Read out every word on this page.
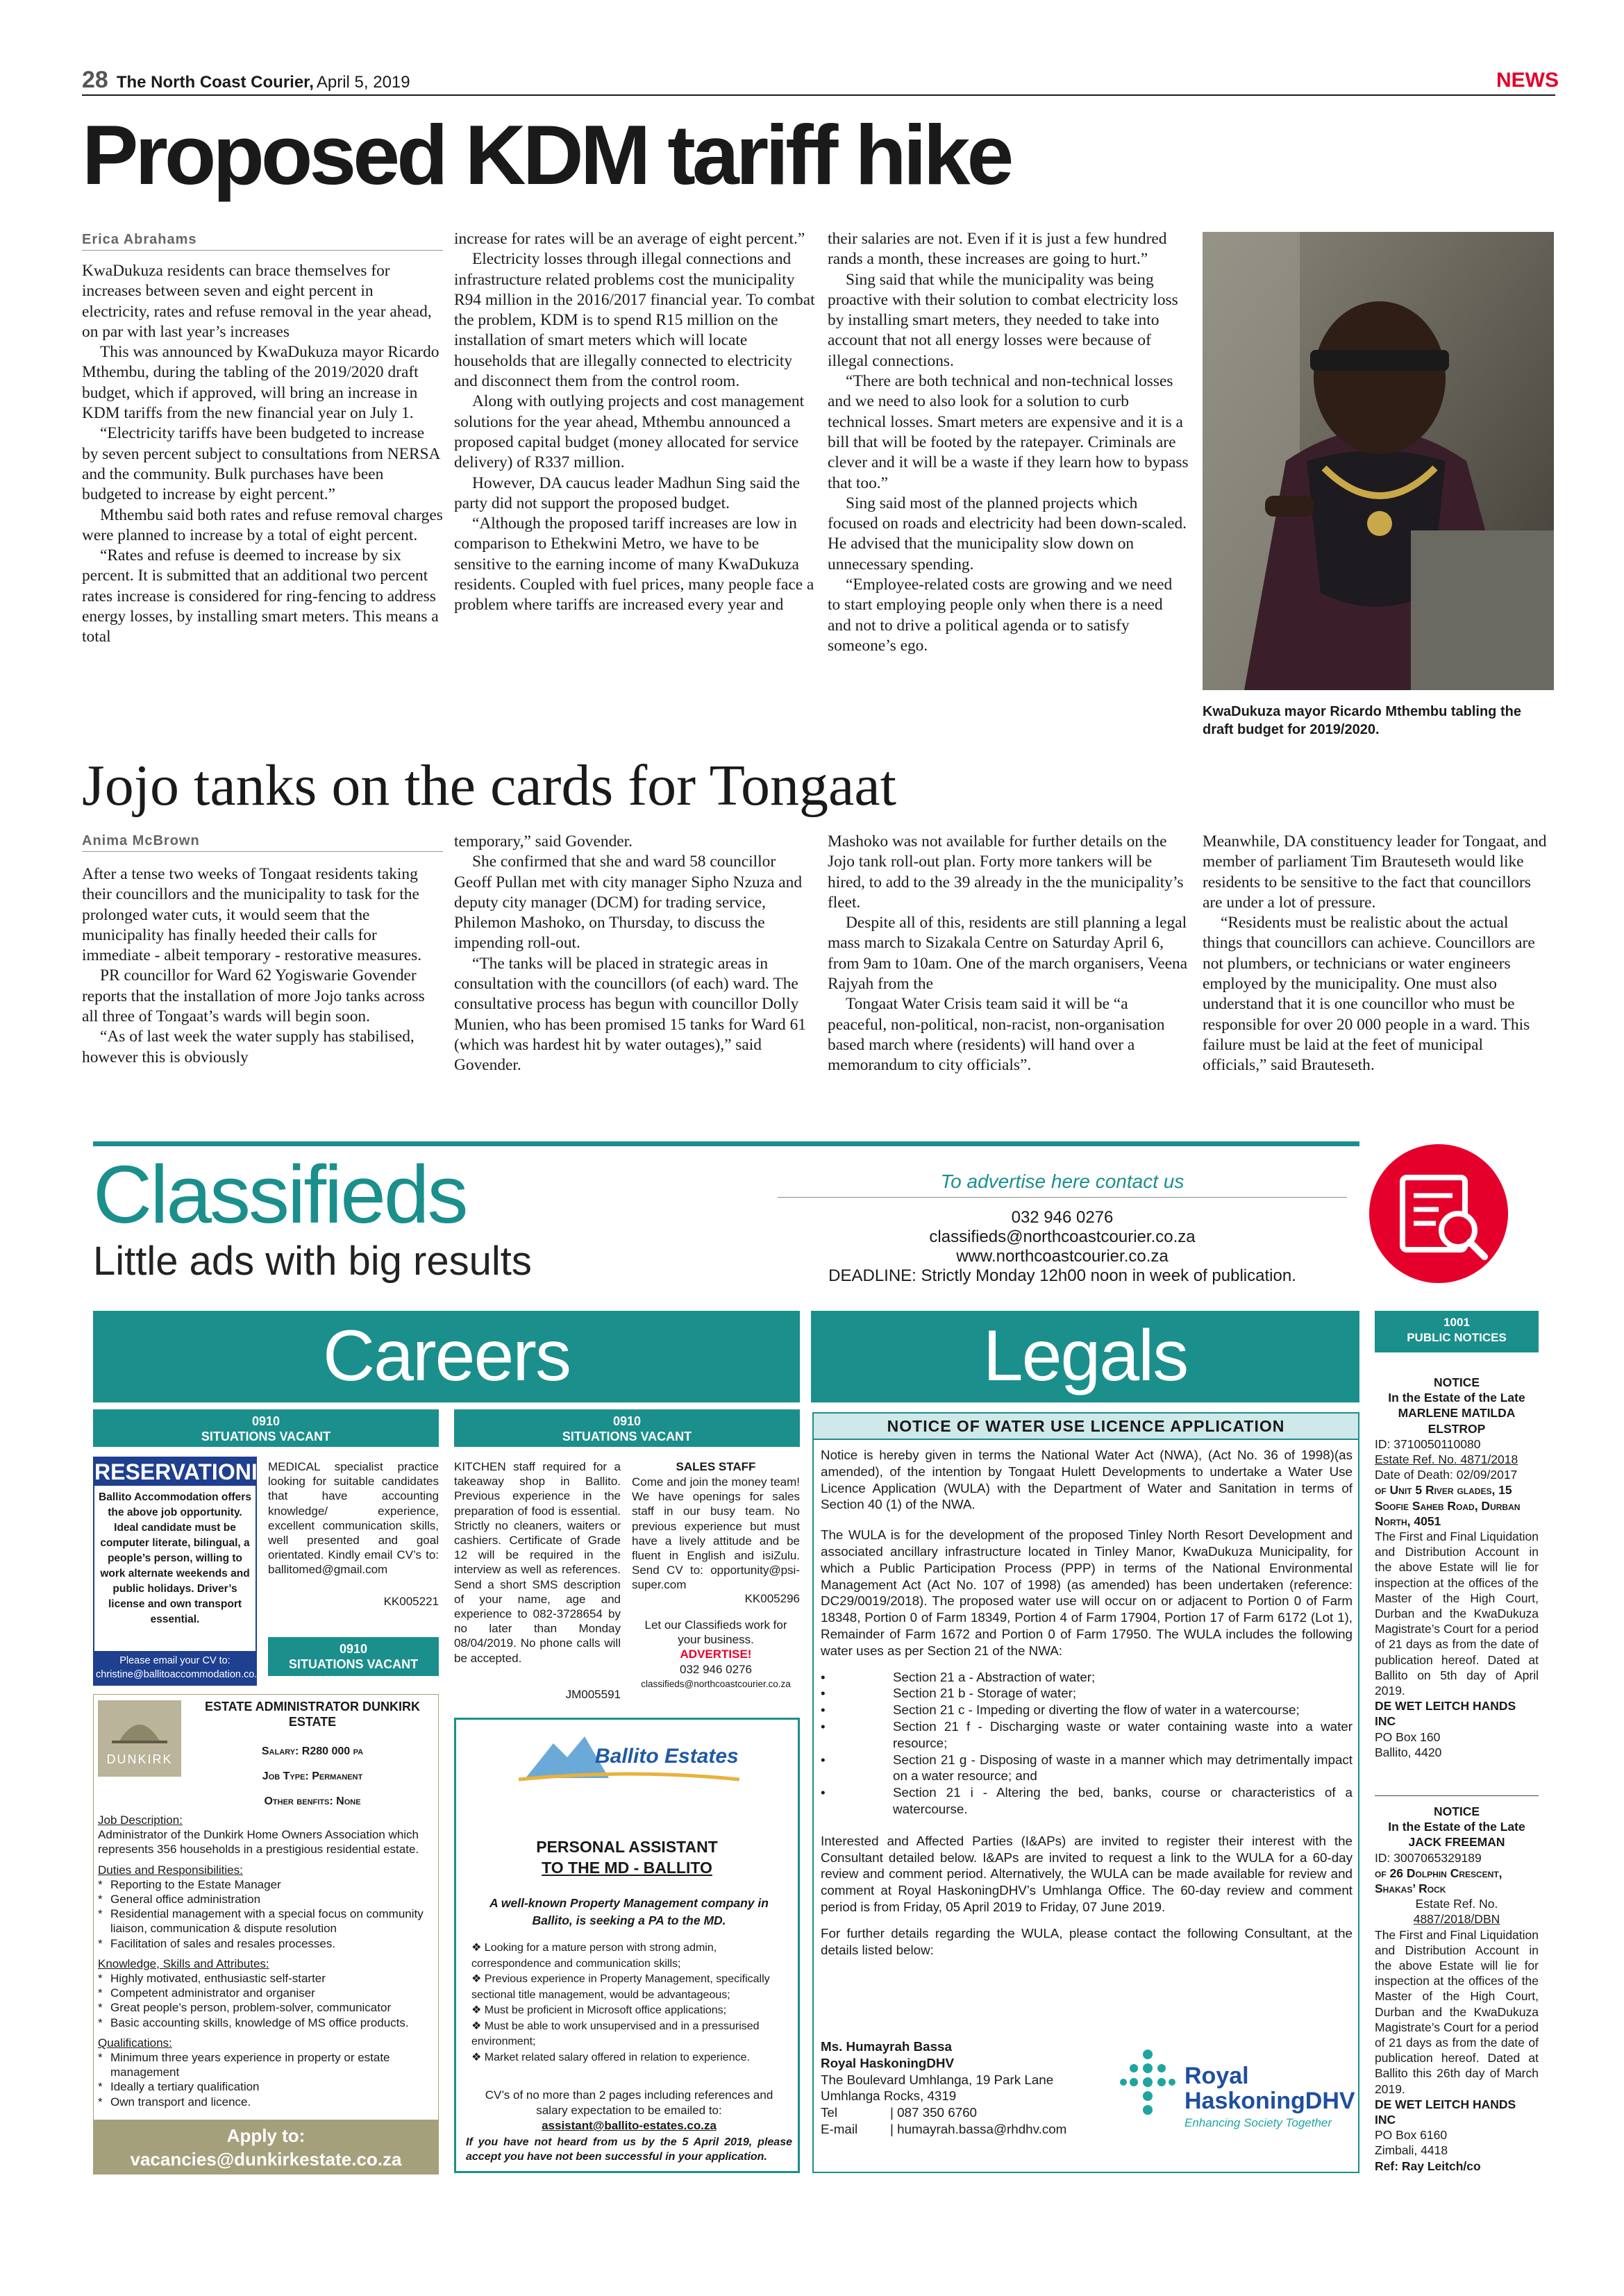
28 The North Coast Courier, April 5, 2019	NEWS
Proposed KDM tariff hike
Erica Abrahams

KwaDukuza residents can brace themselves for increases between seven and eight percent in electricity, rates and refuse removal in the year ahead, on par with last year’s increases

This was announced by KwaDukuza mayor Ricardo Mthembu, during the tabling of the 2019/2020 draft budget, which if approved, will bring an increase in KDM tariffs from the new financial year on July 1.

“Electricity tariffs have been budgeted to increase by seven percent subject to consultations from NERSA and the community. Bulk purchases have been budgeted to increase by eight percent.”

Mthembu said both rates and refuse removal charges were planned to increase by a total of eight percent.

“Rates and refuse is deemed to increase by six percent. It is submitted that an additional two percent rates increase is considered for ring-fencing to address energy losses, by installing smart meters. This means a total

increase for rates will be an average of eight percent.”

Electricity losses through illegal connections and infrastructure related problems cost the municipality R94 million in the 2016/2017 financial year. To combat the problem, KDM is to spend R15 million on the installation of smart meters which will locate households that are illegally connected to electricity and disconnect them from the control room.

Along with outlying projects and cost management solutions for the year ahead, Mthembu announced a proposed capital budget (money allocated for service delivery) of R337 million.

However, DA caucus leader Madhun Sing said the party did not support the proposed budget.

“Although the proposed tariff increases are low in comparison to Ethekwini Metro, we have to be sensitive to the earning income of many KwaDukuza residents. Coupled with fuel prices, many people face a problem where tariffs are increased every year and

their salaries are not. Even if it is just a few hundred rands a month, these increases are going to hurt.”

Sing said that while the municipality was being proactive with their solution to combat electricity loss by installing smart meters, they needed to take into account that not all energy losses were because of illegal connections.

“There are both technical and non-technical losses and we need to also look for a solution to curb technical losses. Smart meters are expensive and it is a bill that will be footed by the ratepayer. Criminals are clever and it will be a waste if they learn how to bypass that too.”

Sing said most of the planned projects which focused on roads and electricity had been down-scaled. He advised that the municipality slow down on unnecessary spending.

“Employee-related costs are growing and we need to start employing people only when there is a need and not to drive a political agenda or to satisfy someone’s ego.

KwaDukuza mayor Ricardo Mthembu tabling the draft budget for 2019/2020.
Jojo tanks on the cards for Tongaat
Anima McBrown

After a tense two weeks of Tongaat residents taking their councillors and the municipality to task for the prolonged water cuts, it would seem that the municipality has finally heeded their calls for immediate - albeit temporary - restorative measures.

PR councillor for Ward 62 Yogiswarie Govender reports that the installation of more Jojo tanks across all three of Tongaat’s wards will begin soon.

“As of last week the water supply has stabilised, however this is obviously

temporary,” said Govender.

She confirmed that she and ward 58 councillor Geoff Pullan met with city manager Sipho Nzuza and deputy city manager (DCM) for trading service, Philemon Mashoko, on Thursday, to discuss the impending roll-out.

“The tanks will be placed in strategic areas in consultation with the councillors (of each) ward. The consultative process has begun with councillor Dolly Munien, who has been promised 15 tanks for Ward 61 (which was hardest hit by water outages),” said Govender.

Mashoko was not available for further details on the Jojo tank roll-out plan. Forty more tankers will be hired, to add to the 39 already in the the municipality’s fleet.

Despite all of this, residents are still planning a legal mass march to Sizakala Centre on Saturday April 6, from 9am to 10am. One of the march organisers, Veena Rajyah from the

Tongaat Water Crisis team said it will be “a peaceful, non-political, non-racist, non-organisation based march where (residents) will hand over a memorandum to city officials”.

Meanwhile, DA constituency leader for Tongaat, and member of parliament Tim Brauteseth would like residents to be sensitive to the fact that councillors are under a lot of pressure.

“Residents must be realistic about the actual things that councillors can achieve. Councillors are not plumbers, or technicians or water engineers employed by the municipality. One must also understand that it is one councillor who must be responsible for over 20 000 people in a ward. This failure must be laid at the feet of municipal officials,” said Brauteseth.

Classifieds
Little ads with big results
To advertise here contact us
032 946 0276
classifieds@northcoastcourier.co.za
www.northcoastcourier.co.za
DEADLINE: Strictly Monday 12h00 noon in week of publication.
Careers	Legals
0910
SITUATIONS VACANT
RESERVATIONIST
Ballito Accommodation offers the above job opportunity. Ideal candidate must be computer literate, bilingual, a people’s person, willing to work alternate weekends and public holidays. Driver’s license and own transport essential.
Please email your CV to: christine@ballitoaccommodation.co.za
MEDICAL specialist practice looking for suitable candidates that have accounting knowledge/ experience, excellent communication skills, well presented and goal orientated. Kindly email CV’s to: ballitomed@gmail.com
KK005221
0910
SITUATIONS VACANT
DUNKIRK
ESTATE ADMINISTRATOR DUNKIRK ESTATE
Salary: R280 000 pa
Job Type: Permanent
Other benfits: None
Job Description:
Administrator of the Dunkirk Home Owners Association which represents 356 households in a prestigious residential estate.
Duties and Responsibilities:
* Reporting to the Estate Manager
* General office administration
* Residential management with a special focus on community liaison, communication & dispute resolution
* Facilitation of sales and resales processes.
Knowledge, Skills and Attributes:
* Highly motivated, enthusiastic self-starter
* Competent administrator and organiser
* Great people’s person, problem-solver, communicator
* Basic accounting skills, knowledge of MS office products.
Qualifications:
* Minimum three years experience in property or estate management
* Ideally a tertiary qualification
* Own transport and licence.
Apply to:
vacancies@dunkirkestate.co.za
0910
SITUATIONS VACANT
KITCHEN staff required for a takeaway shop in Ballito. Previous experience in the preparation of food is essential. Strictly no cleaners, waiters or cashiers. Certificate of Grade 12 will be required in the interview as well as references. Send a short SMS description of your name, age and experience to 082-3728654 by no later than Monday 08/04/2019. No phone calls will be accepted.
JM005591
SALES STAFF
Come and join the money team! We have openings for sales staff in our busy team. No previous experience but must have a lively attitude and be fluent in English and isiZulu. Send CV to: opportunity@psi-super.com
KK005296
Let our Classifieds work for your business.
ADVERTISE!
032 946 0276
classifieds@northcoastcourier.co.za
Ballito Estates
PERSONAL ASSISTANT
TO THE MD - BALLITO
A well-known Property Management company in Ballito, is seeking a PA to the MD.
❖ Looking for a mature person with strong admin, correspondence and communication skills;
❖ Previous experience in Property Management, specifically sectional title management, would be advantageous;
❖ Must be proficient in Microsoft office applications;
❖ Must be able to work unsupervised and in a pressurised environment;
❖ Market related salary offered in relation to experience.
CV’s of no more than 2 pages including references and salary expectation to be emailed to:
assistant@ballito-estates.co.za
If you have not heard from us by the 5 April 2019, please accept you have not been successful in your application.
NOTICE OF WATER USE LICENCE APPLICATION

Notice is hereby given in terms the National Water Act (NWA), (Act No. 36 of 1998)(as amended), of the intention by Tongaat Hulett Developments to undertake a Water Use Licence Application (WULA) with the Department of Water and Sanitation in terms of Section 40 (1) of the NWA.

The WULA is for the development of the proposed Tinley North Resort Development and associated ancillary infrastructure located in Tinley Manor, KwaDukuza Municipality, for which a Public Participation Process (PPP) in terms of the National Environmental Management Act (Act No. 107 of 1998) (as amended) has been undertaken (reference: DC29/0019/2018). The proposed water use will occur on or adjacent to Portion 0 of Farm 18348, Portion 0 of Farm 18349, Portion 4 of Farm 17904, Portion 17 of Farm 6172 (Lot 1), Remainder of Farm 1672 and Portion 0 of Farm 17950. The WULA includes the following water uses as per Section 21 of the NWA:

•	Section 21 a - Abstraction of water;
•	Section 21 b - Storage of water;
•	Section 21 c - Impeding or diverting the flow of water in a watercourse;
•	Section 21 f - Discharging waste or water containing waste into a water resource;
•	Section 21 g - Disposing of waste in a manner which may detrimentally impact on a water resource; and
•	Section 21 i - Altering the bed, banks, course or characteristics of a watercourse.

Interested and Affected Parties (I&APs) are invited to register their interest with the Consultant detailed below. I&APs are invited to request a link to the WULA for a 60-day review and comment period. Alternatively, the WULA can be made available for review and comment at Royal HaskoningDHV’s Umhlanga Office. The 60-day review and comment period is from Friday, 05 April 2019 to Friday, 07 June 2019.

For further details regarding the WULA, please contact the following Consultant, at the details listed below:

Ms. Humayrah Bassa
Royal HaskoningDHV
The Boulevard Umhlanga, 19 Park Lane
Umhlanga Rocks, 4319
Tel	| 087 350 6760
E-mail | humayrah.bassa@rhdhv.com
Royal
HaskoningDHV
Enhancing Society Together
1001
PUBLIC NOTICES
NOTICE
In the Estate of the Late MARLENE MATILDA ELSTROP
ID: 3710050110080
Estate Ref. No. 4871/2018
Date of Death: 02/09/2017
of Unit 5 River glades, 15 Soofie Saheb Road, Durban North, 4051
The First and Final Liquidation and Distribution Account in the above Estate will lie for inspection at the offices of the Master of the High Court, Durban and the KwaDukuza Magistrate’s Court for a period of 21 days as from the date of publication hereof. Dated at Ballito on 5th day of April 2019.
DE WET LEITCH HANDS INC
PO Box 160
Ballito, 4420
NOTICE
In the Estate of the Late JACK FREEMAN
ID: 3007065329189
of 26 Dolphin Crescent, Shakas’ Rock
Estate Ref. No.
4887/2018/DBN
The First and Final Liquidation and Distribution Account in the above Estate will lie for inspection at the offices of the Master of the High Court, Durban and the KwaDukuza Magistrate’s Court for a period of 21 days as from the date of publication hereof. Dated at Ballito this 26th day of March 2019.
DE WET LEITCH HANDS INC
PO Box 6160
Zimbali, 4418
Ref: Ray Leitch/co
